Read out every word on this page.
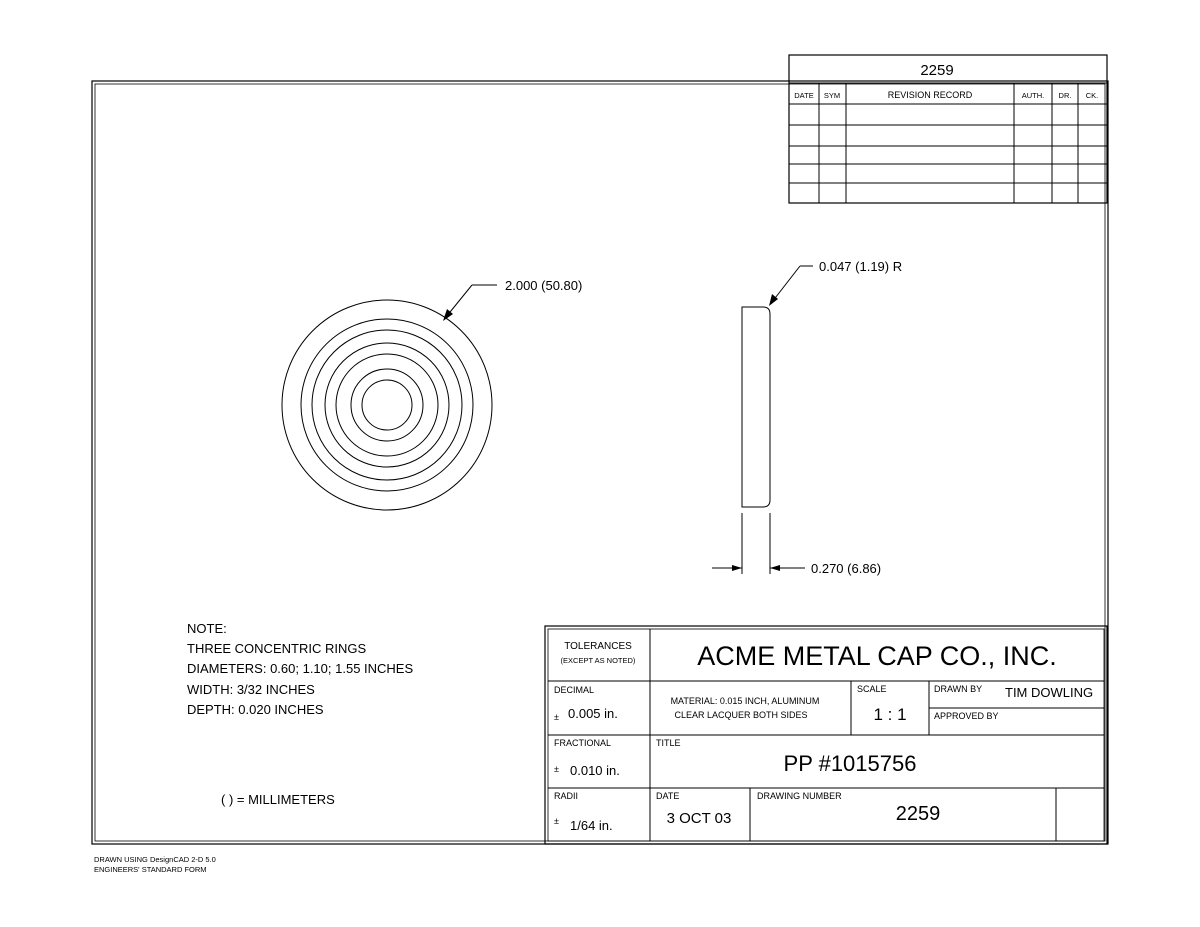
2259
DATE SYM	REVISION RECORD	AUTH. DR. CK.
2.000 (50.80)
0.270 (6.86)
0.047 (1.19) R
NOTE:
THREE CONCENTRIC RINGS
DIAMETERS: 0.60; 1.10; 1.55 INCHES
WIDTH: 3/32 INCHES
DEPTH: 0.020 INCHES
( ) = MILLIMETERS
TOLERANCES
(EXCEPT AS NOTED) ACME METAL CAP CO., INC.
DECIMAL
± 0.005 in.
MATERIAL: 0.015 INCH, ALUMINUM
CLEAR LACQUER BOTH SIDES
SCALE
1 : 1
DRAWN BY TIM DOWLING
APPROVED BY
FRACTIONAL
± 0.010 in.
TITLE
PP #1015756
RADII
± 1/64 in.
DATE
3 OCT 03
DRAWING NUMBER
2259
DRAWN USING DesignCAD 2-D 5.0
ENGINEERS' STANDARD FORM
